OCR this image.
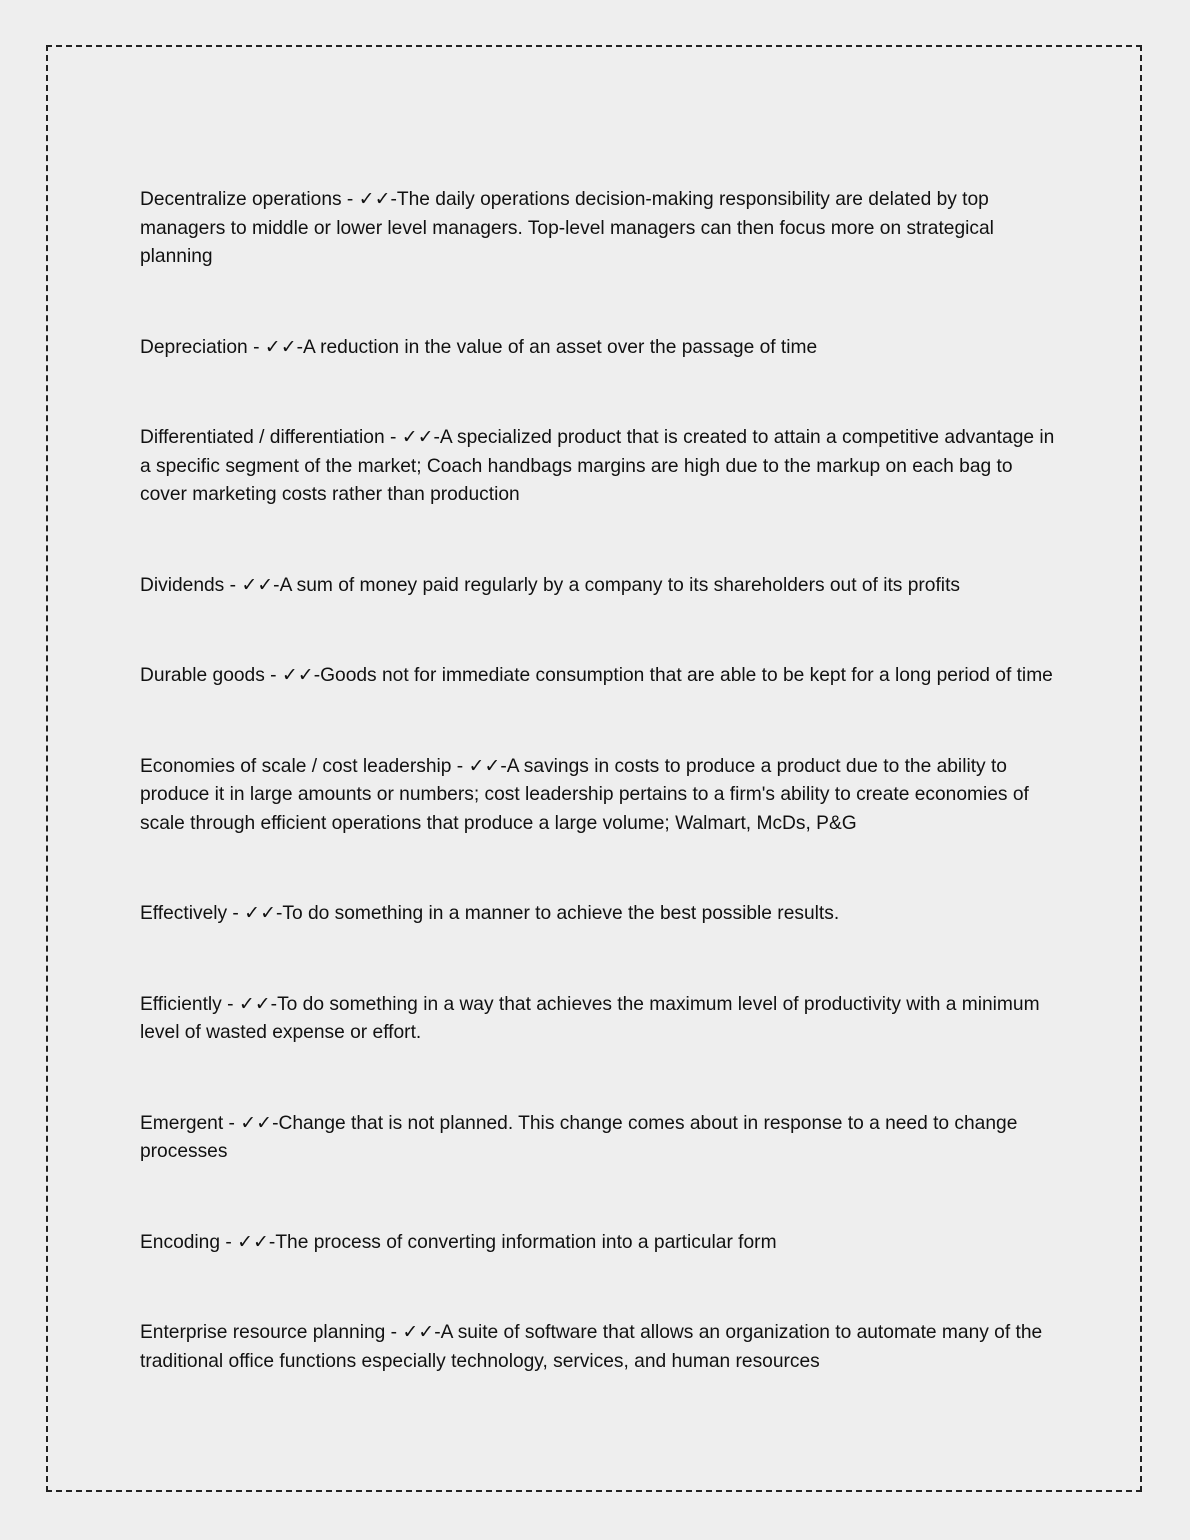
Decentralize operations - ✓✓-The daily operations decision-making responsibility are delated by top managers to middle or lower level managers. Top-level managers can then focus more on strategical planning

Depreciation - ✓✓-A reduction in the value of an asset over the passage of time

Differentiated / differentiation - ✓✓-A specialized product that is created to attain a competitive advantage in a specific segment of the market; Coach handbags margins are high due to the markup on each bag to cover marketing costs rather than production

Dividends - ✓✓-A sum of money paid regularly by a company to its shareholders out of its profits

Durable goods - ✓✓-Goods not for immediate consumption that are able to be kept for a long period of time

Economies of scale / cost leadership - ✓✓-A savings in costs to produce a product due to the ability to produce it in large amounts or numbers; cost leadership pertains to a firm's ability to create economies of scale through efficient operations that produce a large volume; Walmart, McDs, P&G

Effectively - ✓✓-To do something in a manner to achieve the best possible results.

Efficiently - ✓✓-To do something in a way that achieves the maximum level of productivity with a minimum level of wasted expense or effort.

Emergent - ✓✓-Change that is not planned. This change comes about in response to a need to change processes

Encoding - ✓✓-The process of converting information into a particular form

Enterprise resource planning - ✓✓-A suite of software that allows an organization to automate many of the traditional office functions especially technology, services, and human resources
